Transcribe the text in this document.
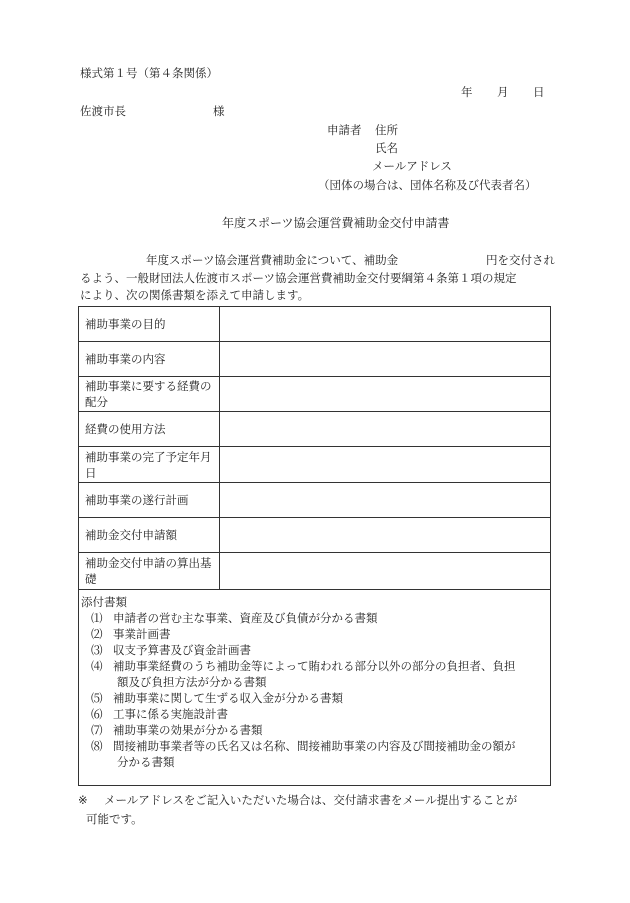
様式第１号（第４条関係）
年 月 日
佐渡市長	様
申請者 住所
氏名
メールアドレス
（団体の場合は、団体名称及び代表者名）
年度スポーツ協会運営費補助金交付申請書
年度スポーツ協会運営費補助金について、補助金	円を交付され
るよう、一般財団法人佐渡市スポーツ協会運営費補助金交付要綱第４条第１項の規定
により、次の関係書類を添えて申請します。
補助事業の目的	
補助事業の内容	
補助事業に要する経費の配分	
経費の使用方法	
補助事業の完了予定年月日	
補助事業の遂行計画	
補助金交付申請額	
補助金交付申請の算出基礎	
添付書類
⑴ 申請者の営む主な事業、資産及び負債が分かる書類
⑵ 事業計画書
⑶ 収支予算書及び資金計画書
⑷ 補助事業経費のうち補助金等によって賄われる部分以外の部分の負担者、負担
額及び負担方法が分かる書類
⑸ 補助事業に関して生ずる収入金が分かる書類
⑹ 工事に係る実施設計書
⑺ 補助事業の効果が分かる書類
⑻ 間接補助事業者等の氏名又は名称、間接補助事業の内容及び間接補助金の額が
分かる書類
※ メールアドレスをご記入いただいた場合は、交付請求書をメール提出することが
可能です。
